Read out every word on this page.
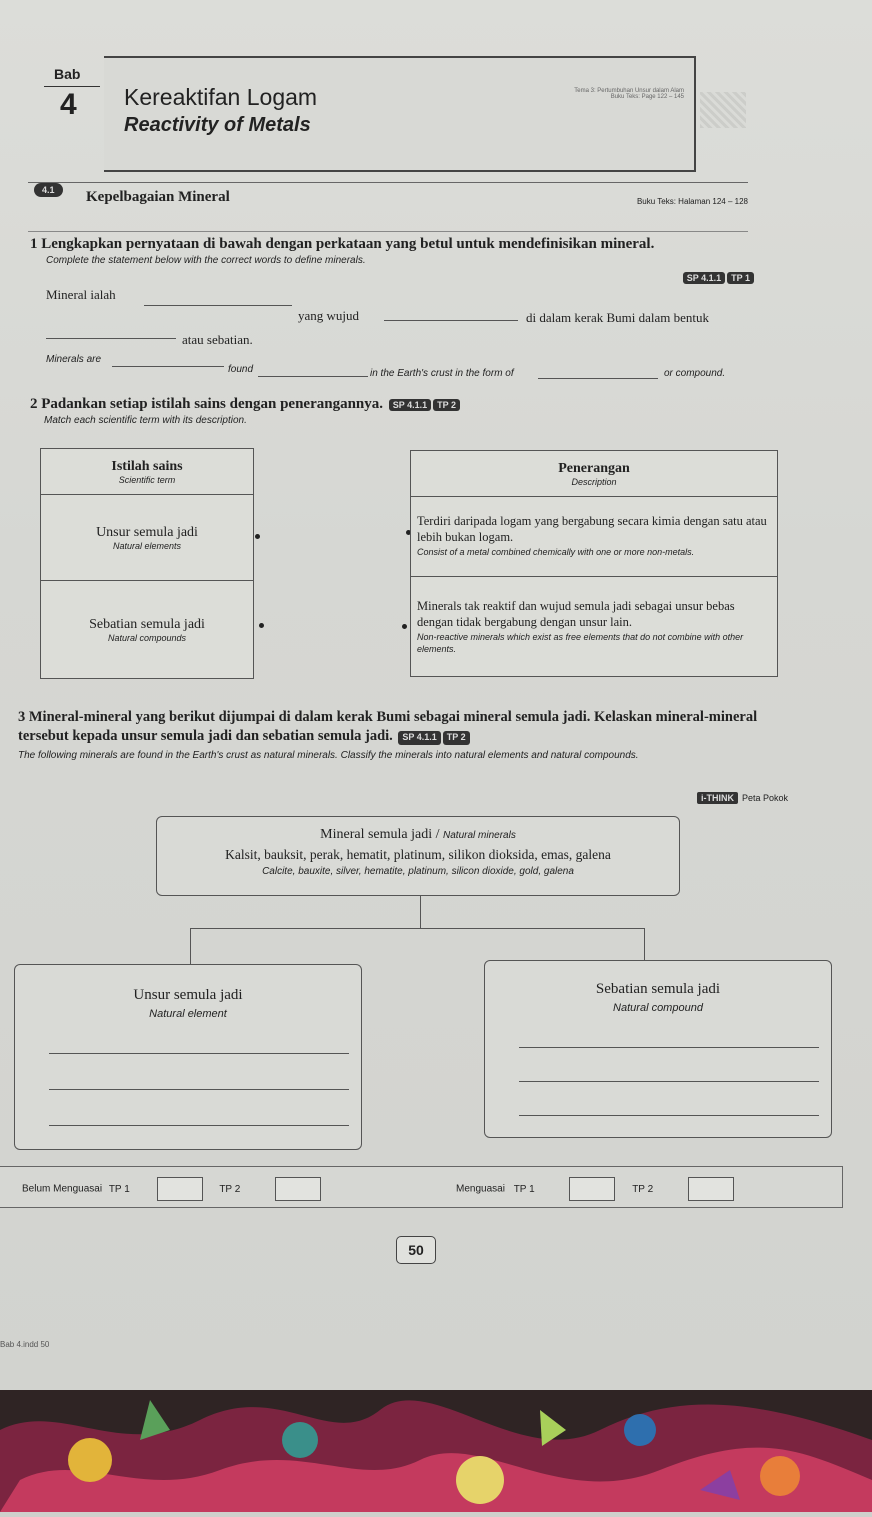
Bab
4 Kereaktifan Logam
Reactivity of Metals
Tema 3: Pertumbuhan Unsur dalam Alam
Buku Teks: Page 122 – 145
4.1	Kepelbagaian Mineral	Buku Teks: Halaman 124 – 128
1 Lengkapkan pernyataan di bawah dengan perkataan yang betul untuk mendefinisikan mineral.
Complete the statement below with the correct words to define minerals.
SP 4.1.1 TP 1
Mineral ialah
yang wujud	di dalam kerak Bumi dalam bentuk
atau sebatian.
Minerals are
found	in the Earth's crust in the form of	or compound.
2 Padankan setiap istilah sains dengan penerangannya. SP 4.1.1 TP 2
Match each scientific term with its description.
Istilah sains
Scientific term

Unsur semula jadi
Natural elements

Sebatian semula jadi
Natural compounds
Penerangan
Description

Terdiri daripada logam yang bergabung secara kimia dengan satu atau lebih bukan logam.
Consist of a metal combined chemically with one or more non-metals.

Minerals tak reaktif dan wujud semula jadi sebagai unsur bebas dengan tidak bergabung dengan unsur lain.
Non-reactive minerals which exist as free elements that do not combine with other elements.
3 Mineral-mineral yang berikut dijumpai di dalam kerak Bumi sebagai mineral semula jadi. Kelaskan mineral-mineral tersebut kepada unsur semula jadi dan sebatian semula jadi. SP 4.1.1 TP 2
The following minerals are found in the Earth's crust as natural minerals. Classify the minerals into natural elements and natural compounds.
i-THINK Peta Pokok
Mineral semula jadi / Natural minerals
Kalsit, bauksit, perak, hematit, platinum, silikon dioksida, emas, galena
Calcite, bauxite, silver, hematite, platinum, silicon dioxide, gold, galena
Unsur semula jadi
Natural element
Sebatian semula jadi
Natural compound
Belum Menguasai TP 1	TP 2	Menguasai TP 1	TP 2
50
Bab 4.indd 50
